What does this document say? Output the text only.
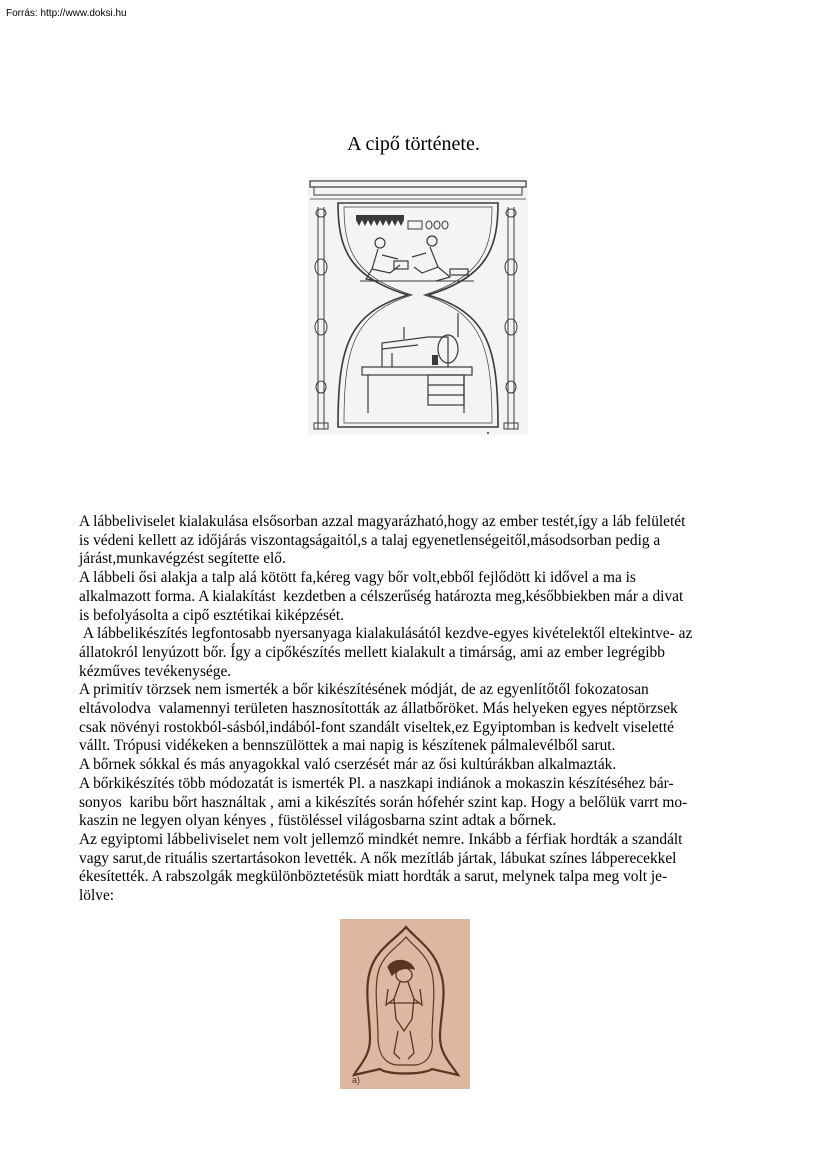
Forrás: http://www.doksi.hu
A cipő története.

A lábbeliviselet kialakulása elsősorban azzal magyarázható,hogy az ember testét,így a láb felületét
is védeni kellett az időjárás viszontagságaitól,s a talaj egyenetlenségeitől,másodsorban pedig a
járást,munkavégzést segítette elő.

A lábbeli ősi alakja a talp alá kötött fa,kéreg vagy bőr volt,ebből fejlődött ki idővel a ma is
alkalmazott forma. A kialakítást  kezdetben a célszerűség határozta meg,későbbiekben már a divat
is befolyásolta a cipő esztétikai kiképzését.

A lábbelikészítés legfontosabb nyersanyaga kialakulásától kezdve-egyes kivételektől eltekintve- az
állatokról lenyúzott bőr. Így a cipőkészítés mellett kialakult a timárság, ami az ember legrégibb
kézműves tevékenysége.

A primitív törzsek nem ismerték a bőr kikészítésének módját, de az egyenlítőtől fokozatosan
eltávolodva  valamennyi területen hasznosították az állatbőröket. Más helyeken egyes néptörzsek
csak növényi rostokból-sásból,indából-font szandált viseltek,ez Egyiptomban is kedvelt viseletté
vállt. Trópusi vidékeken a bennszülöttek a mai napig is készítenek pálmalevélből sarut.

A bőrnek sókkal és más anyagokkal való cserzését már az ősi kultúrákban alkalmazták.

A bőrkikészítés több módozatát is ismerték Pl. a naszkapi indiánok a mokaszin készítéséhez bár-
sonyos  karibu bőrt használtak , ami a kikészítés során hófehér szint kap. Hogy a belőlük varrt mo-
kaszin ne legyen olyan kényes , füstöléssel világosbarna szint adtak a bőrnek.

Az egyiptomi lábbeliviselet nem volt jellemző mindkét nemre. Inkább a férfiak hordták a szandált
vagy sarut,de rituális szertartásokon levették. A nők mezítláb jártak, lábukat színes lábperecekkel
ékesítették. A rabszolgák megkülönböztetésük miatt hordták a sarut, melynek talpa meg volt je-
lölve:

a)
